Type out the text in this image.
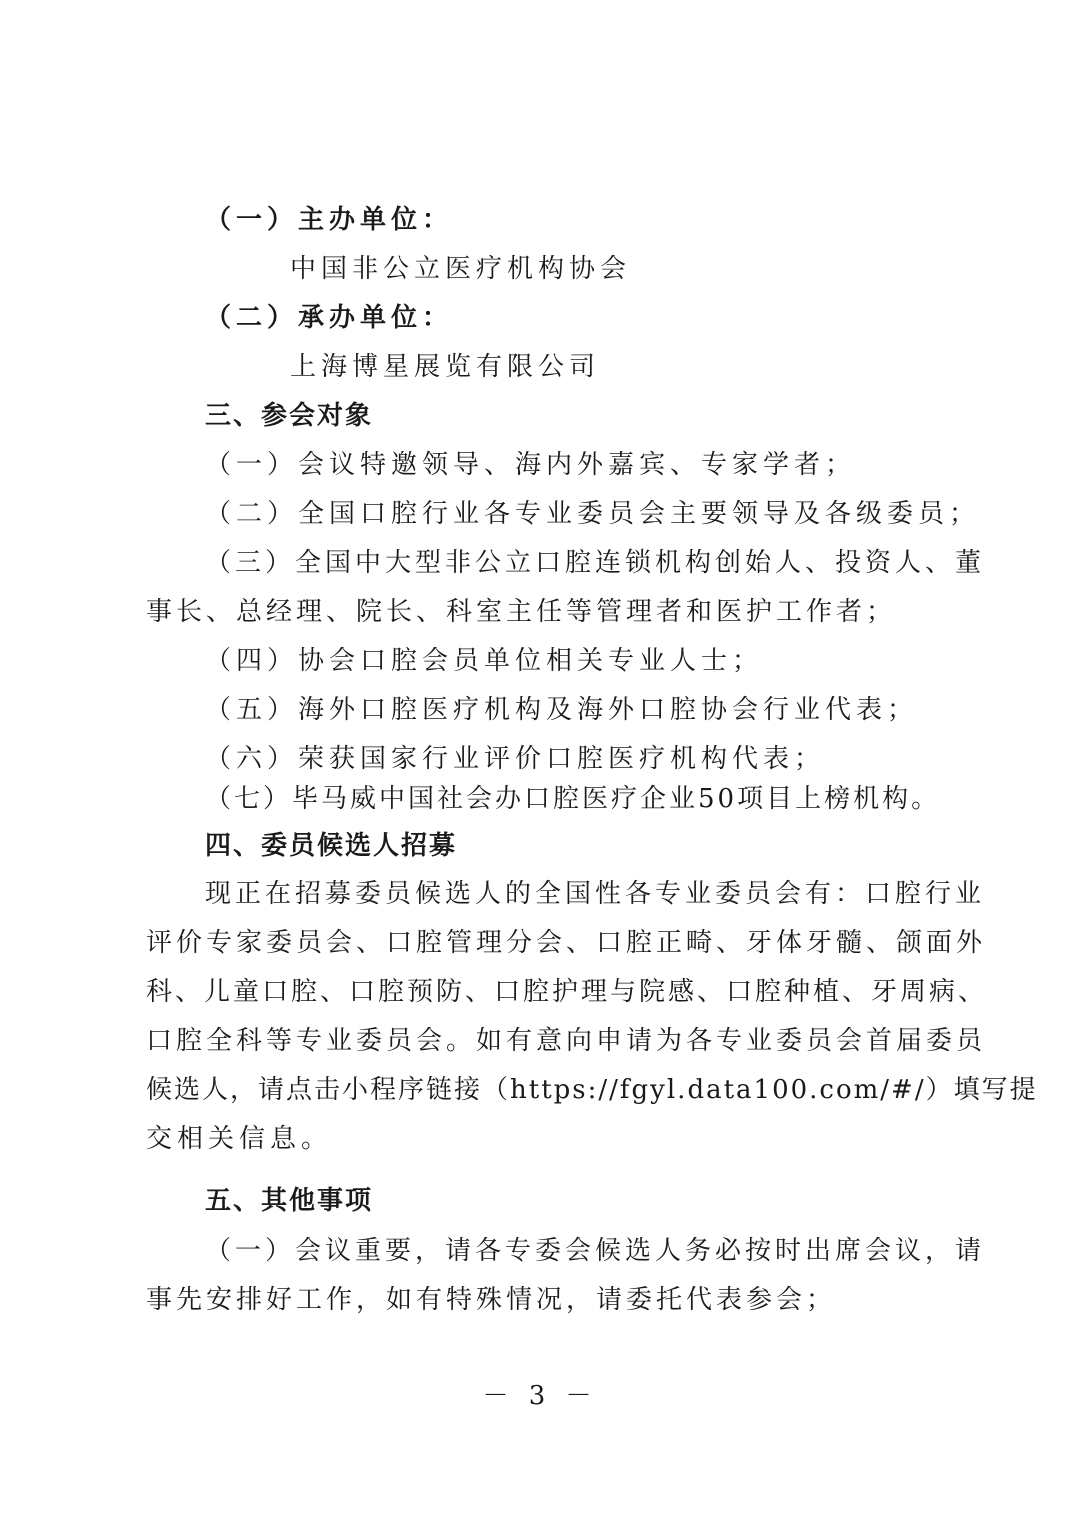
（一）主办单位：
中国非公立医疗机构协会
（二）承办单位：
上海博星展览有限公司
三、参会对象
（一）会议特邀领导、海内外嘉宾、专家学者；
（二）全国口腔行业各专业委员会主要领导及各级委员；
（三）全国中大型非公立口腔连锁机构创始人、投资人、董
事长、总经理、院长、科室主任等管理者和医护工作者；
（四）协会口腔会员单位相关专业人士；
（五）海外口腔医疗机构及海外口腔协会行业代表；
（六）荣获国家行业评价口腔医疗机构代表；
（七）毕马威中国社会办口腔医疗企业50项目上榜机构。
四、委员候选人招募
现正在招募委员候选人的全国性各专业委员会有：口腔行业
评价专家委员会、口腔管理分会、口腔正畸、牙体牙髓、颌面外
科、儿童口腔、口腔预防、口腔护理与院感、口腔种植、牙周病、
口腔全科等专业委员会。如有意向申请为各专业委员会首届委员
候选人，请点击小程序链接（https://fgyl.data100.com/#/）填写提
交相关信息。
五、其他事项
（一）会议重要，请各专委会候选人务必按时出席会议，请
事先安排好工作，如有特殊情况，请委托代表参会；
－ 3 －
